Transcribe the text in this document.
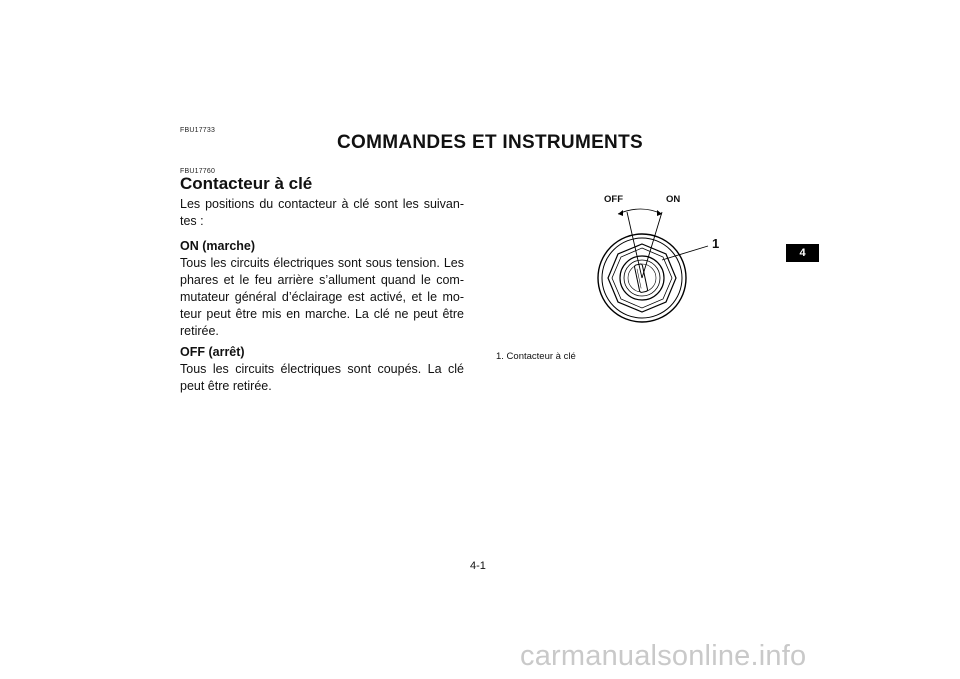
FBU17733
COMMANDES ET INSTRUMENTS
FBU17760
Contacteur à clé

Les positions du contacteur à clé sont les suivan- tes :

ON (marche)

Tous les circuits électriques sont sous tension. Les phares et le feu arrière s’allument quand le com- mutateur général d’éclairage est activé, et le mo- teur peut être mis en marche. La clé ne peut être retirée.

OFF (arrêt)

Tous les circuits électriques sont coupés. La clé peut être retirée.

OFF	ON
1
1. Contacteur à clé
4
4-1
carmanualsonline.info
